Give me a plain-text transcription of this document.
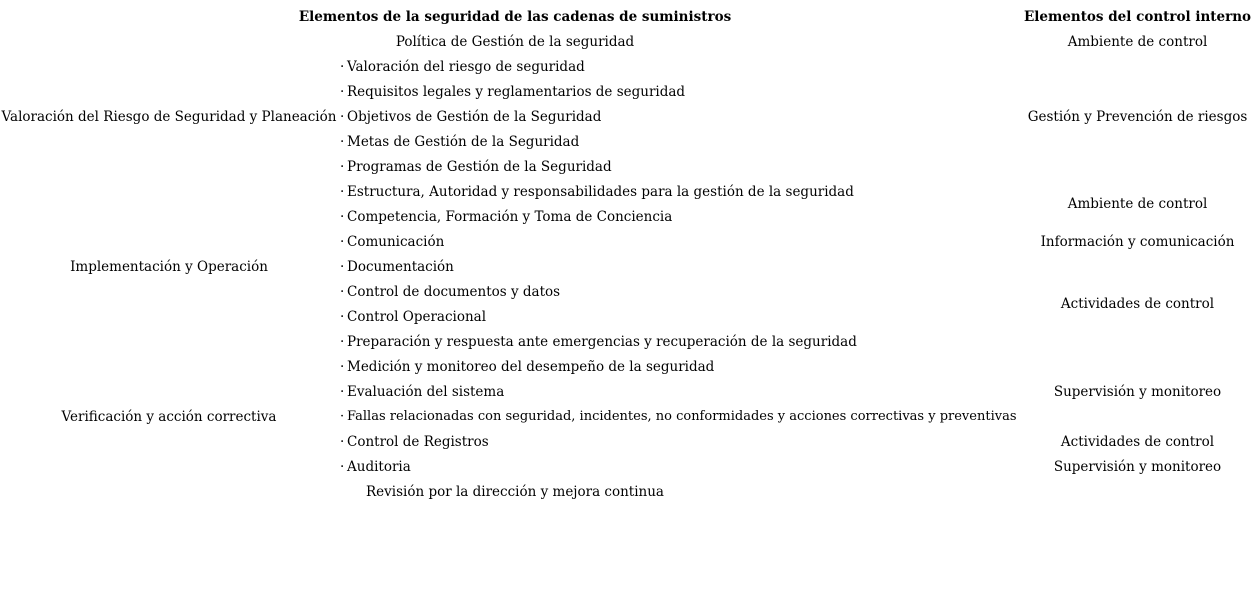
Elementos de la seguridad de las cadenas de suministros	Elementos del control interno
Política de Gestión de la seguridad
Valoración del Riesgo de Seguridad y Planeación
Implementación y Operación
Verificación y acción correctiva
· Valoración del riesgo de seguridad
· Requisitos legales y reglamentarios de seguridad
· Objetivos de Gestión de la Seguridad
· Metas de Gestión de la Seguridad
· Programas de Gestión de la Seguridad
· Estructura, Autoridad y responsabilidades para la gestión de la seguridad
· Competencia, Formación y Toma de Conciencia
· Comunicación
· Documentación
· Control de documentos y datos
· Control Operacional
· Preparación y respuesta ante emergencias y recuperación de la seguridad
· Medición y monitoreo del desempeño de la seguridad
· Evaluación del sistema
· Fallas relacionadas con seguridad, incidentes, no conformidades y acciones correctivas y preventivas
· Control de Registros
· Auditoria
Revisión por la dirección y mejora continua
Ambiente de control
Gestión y Prevención de riesgos
Ambiente de control
Información y comunicación
Actividades de control
Supervisión y monitoreo
Actividades de control
Supervisión y monitoreo
